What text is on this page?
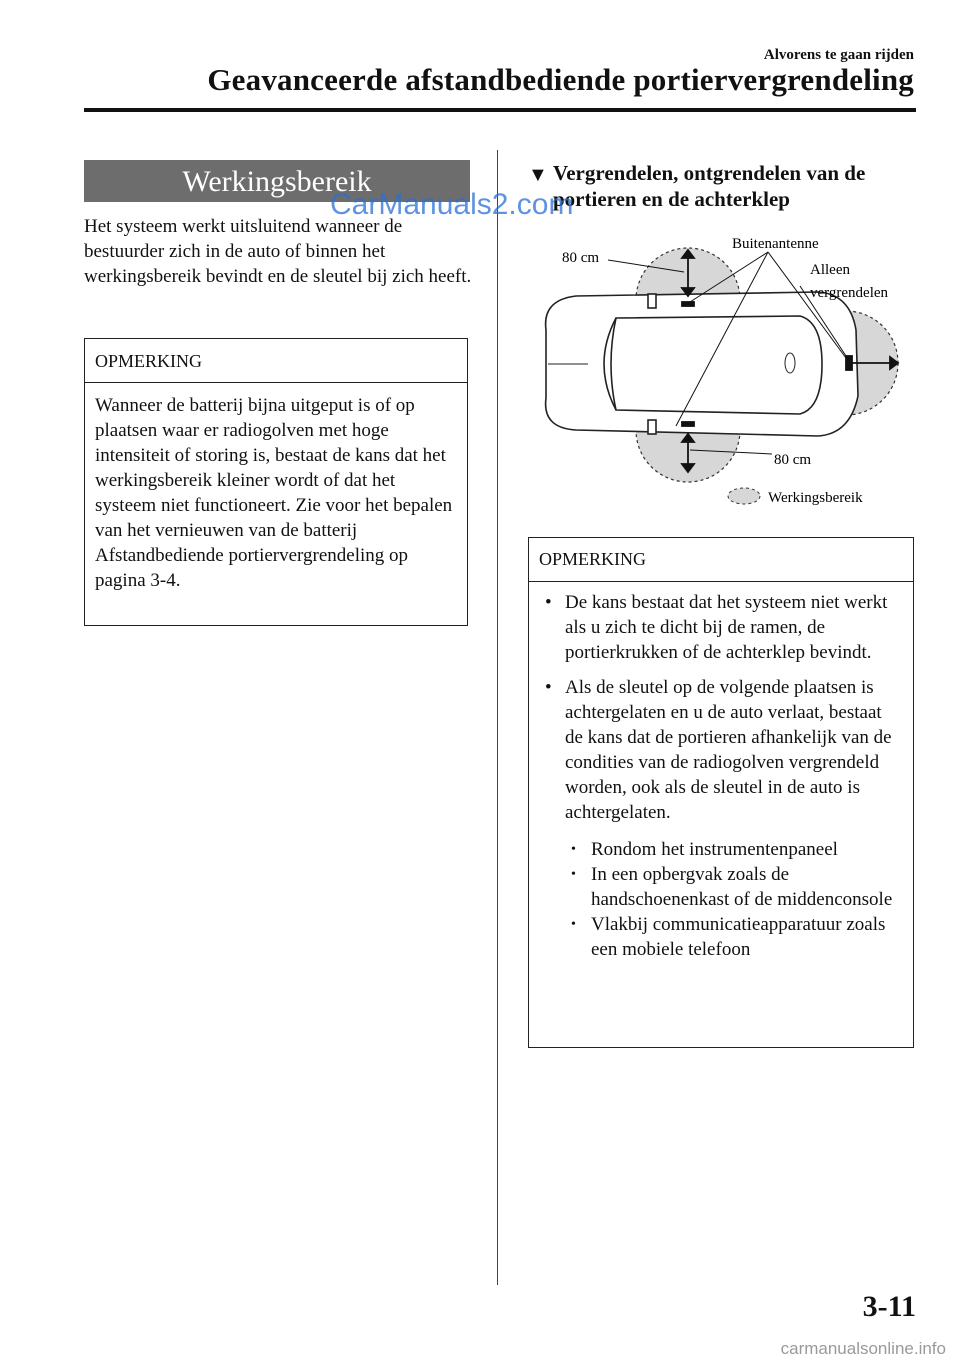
Alvorens te gaan rijden
Geavanceerde afstandbediende portiervergrendeling
Werkingsbereik
Het systeem werkt uitsluitend wanneer de bestuurder zich in de auto of binnen het werkingsbereik bevindt en de sleutel bij zich heeft.
OPMERKING
Wanneer de batterij bijna uitgeput is of op plaatsen waar er radiogolven met hoge intensiteit of storing is, bestaat de kans dat het werkingsbereik kleiner wordt of dat het systeem niet functioneert. Zie voor het bepalen van het vernieuwen van de batterij Afstandbediende portiervergrendeling op pagina 3-4.
▼ Vergrendelen, ontgrendelen van de portieren en de achterklep
CarManuals2.com
80 cm
Buitenantenne
Alleen
vergrendelen
80 cm
Werkingsbereik
OPMERKING
• De kans bestaat dat het systeem niet werkt als u zich te dicht bij de ramen, de portierkrukken of de achterklep bevindt.
• Als de sleutel op de volgende plaatsen is achtergelaten en u de auto verlaat, bestaat de kans dat de portieren afhankelijk van de condities van de radiogolven vergrendeld worden, ook als de sleutel in de auto is achtergelaten.
• Rondom het instrumentenpaneel
• In een opbergvak zoals de handschoenenkast of de middenconsole
• Vlakbij communicatieapparatuur zoals een mobiele telefoon
3-11
carmanualsonline.info
